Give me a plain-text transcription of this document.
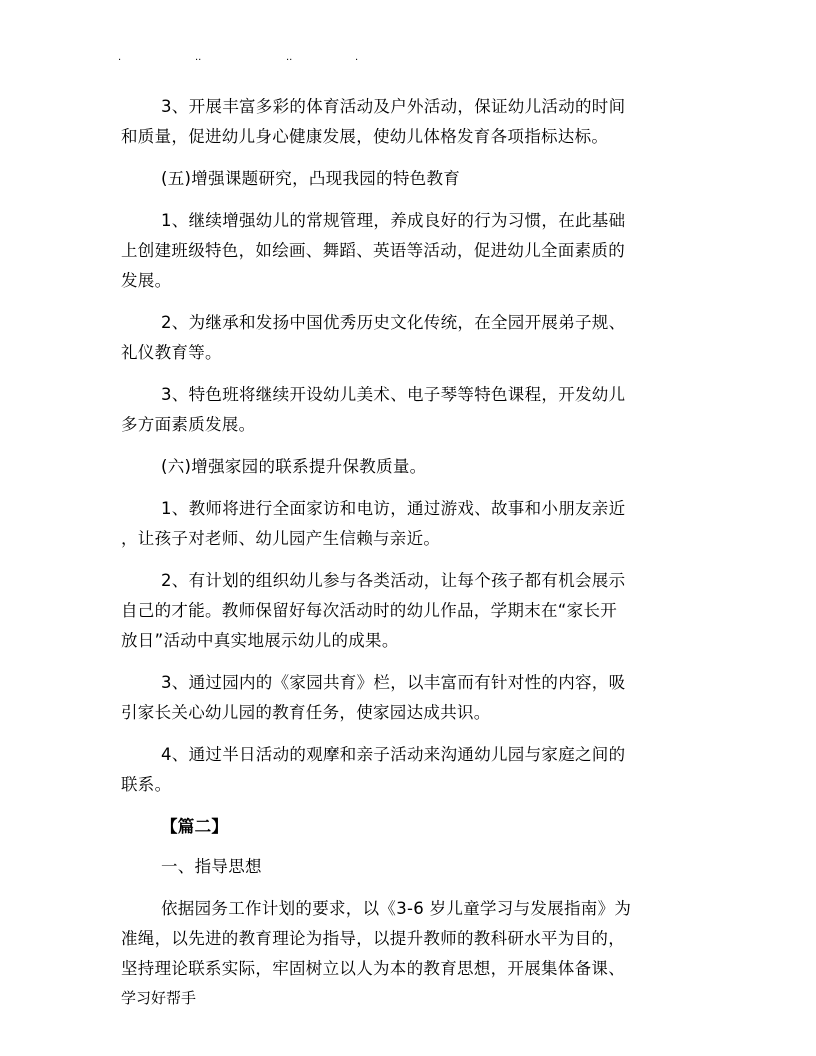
.	..	..	.

3、开展丰富多彩的体育活动及户外活动，保证幼儿活动的时间
和质量，促进幼儿身心健康发展，使幼儿体格发育各项指标达标。

(五)增强课题研究，凸现我园的特色教育

1、继续增强幼儿的常规管理，养成良好的行为习惯，在此基础
上创建班级特色，如绘画、舞蹈、英语等活动，促进幼儿全面素质的
发展。

2、为继承和发扬中国优秀历史文化传统，在全园开展弟子规、
礼仪教育等。

3、特色班将继续开设幼儿美术、电子琴等特色课程，开发幼儿
多方面素质发展。

(六)增强家园的联系提升保教质量。

1、教师将进行全面家访和电访，通过游戏、故事和小朋友亲近
，让孩子对老师、幼儿园产生信赖与亲近。

2、有计划的组织幼儿参与各类活动，让每个孩子都有机会展示
自己的才能。教师保留好每次活动时的幼儿作品，学期末在“家长开
放日”活动中真实地展示幼儿的成果。

3、通过园内的《家园共育》栏，以丰富而有针对性的内容，吸
引家长关心幼儿园的教育任务，使家园达成共识。

4、通过半日活动的观摩和亲子活动来沟通幼儿园与家庭之间的
联系。

【篇二】

一、指导思想

依据园务工作计划的要求，以《3-6 岁儿童学习与发展指南》为
准绳，以先进的教育理论为指导，以提升教师的教科研水平为目的，
坚持理论联系实际，牢固树立以人为本的教育思想，开展集体备课、

学习好帮手
